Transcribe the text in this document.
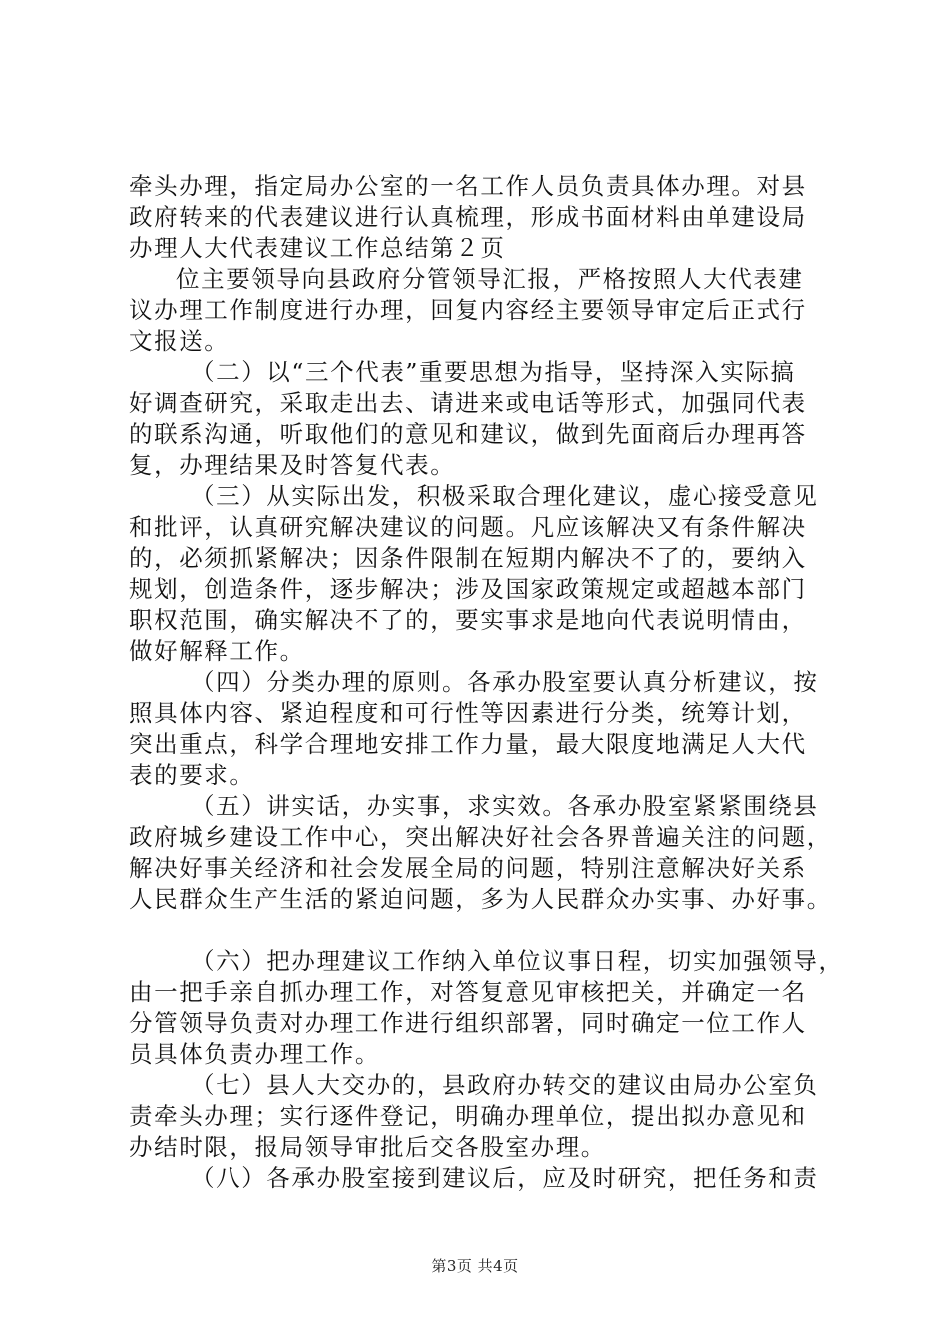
牵头办理，指定局办公室的一名工作人员负责具体办理。对县
政府转来的代表建议进行认真梳理，形成书面材料由单建设局
办理人大代表建议工作总结第２页

位主要领导向县政府分管领导汇报，严格按照人大代表建
议办理工作制度进行办理，回复内容经主要领导审定后正式行
文报送。

（二）以“三个代表”重要思想为指导，坚持深入实际搞
好调查研究，采取走出去、请进来或电话等形式，加强同代表
的联系沟通，听取他们的意见和建议，做到先面商后办理再答
复，办理结果及时答复代表。

（三）从实际出发，积极采取合理化建议，虚心接受意见
和批评，认真研究解决建议的问题。凡应该解决又有条件解决
的，必须抓紧解决；因条件限制在短期内解决不了的，要纳入
规划，创造条件，逐步解决；涉及国家政策规定或超越本部门
职权范围，确实解决不了的，要实事求是地向代表说明情由，
做好解释工作。

（四）分类办理的原则。各承办股室要认真分析建议，按
照具体内容、紧迫程度和可行性等因素进行分类，统筹计划，
突出重点，科学合理地安排工作力量，最大限度地满足人大代
表的要求。

（五）讲实话，办实事，求实效。各承办股室紧紧围绕县
政府城乡建设工作中心，突出解决好社会各界普遍关注的问题，
解决好事关经济和社会发展全局的问题，特别注意解决好关系
人民群众生产生活的紧迫问题，多为人民群众办实事、办好事。

（六）把办理建议工作纳入单位议事日程，切实加强领导，
由一把手亲自抓办理工作，对答复意见审核把关，并确定一名
分管领导负责对办理工作进行组织部署，同时确定一位工作人
员具体负责办理工作。

（七）县人大交办的，县政府办转交的建议由局办公室负
责牵头办理；实行逐件登记，明确办理单位，提出拟办意见和
办结时限，报局领导审批后交各股室办理。

（八）各承办股室接到建议后，应及时研究，把任务和责

第3页 共4页
